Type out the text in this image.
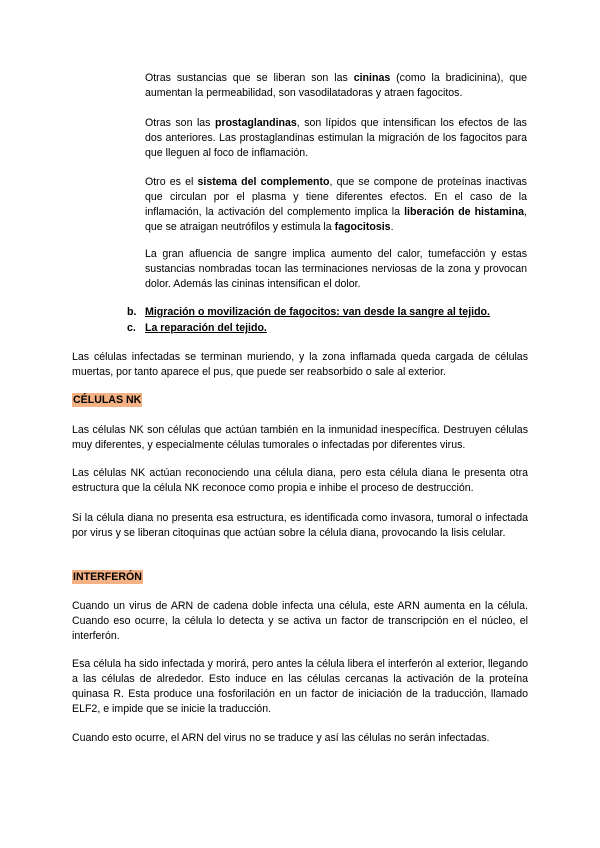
Otras sustancias que se liberan son las cininas (como la bradicinina), que aumentan la permeabilidad, son vasodilatadoras y atraen fagocitos.

Otras son las prostaglandinas, son lípidos que intensifican los efectos de las dos anteriores. Las prostaglandinas estimulan la migración de los fagocitos para que lleguen al foco de inflamación.

Otro es el sistema del complemento, que se compone de proteínas inactivas que circulan por el plasma y tiene diferentes efectos. En el caso de la inflamación, la activación del complemento implica la liberación de histamina, que se atraigan neutrófilos y estimula la fagocitosis.

La gran afluencia de sangre implica aumento del calor, tumefacción y estas sustancias nombradas tocan las terminaciones nerviosas de la zona y provocan dolor. Además las cininas intensifican el dolor.

b. Migración o movilización de fagocitos: van desde la sangre al tejido.
c. La reparación del tejido.

Las células infectadas se terminan muriendo, y la zona inflamada queda cargada de células muertas, por tanto aparece el pus, que puede ser reabsorbido o sale al exterior.

CÉLULAS NK

Las células NK son células que actúan también en la inmunidad inespecífica. Destruyen células muy diferentes, y especialmente células tumorales o infectadas por diferentes virus.

Las células NK actúan reconociendo una célula diana, pero esta célula diana le presenta otra estructura que la célula NK reconoce como propia e inhibe el proceso de destrucción.

Si la célula diana no presenta esa estructura, es identificada como invasora, tumoral o infectada por virus y se liberan citoquinas que actúan sobre la célula diana, provocando la lisis celular.

INTERFERÓN

Cuando un virus de ARN de cadena doble infecta una célula, este ARN aumenta en la célula. Cuando eso ocurre, la célula lo detecta y se activa un factor de transcripción en el núcleo, el interferón.

Esa célula ha sido infectada y morirá, pero antes la célula libera el interferón al exterior, llegando a las células de alrededor. Esto induce en las células cercanas la activación de la proteína quinasa R. Esta produce una fosforilación en un factor de iniciación de la traducción, llamado ELF2, e impide que se inicie la traducción.

Cuando esto ocurre, el ARN del virus no se traduce y así las células no serán infectadas.
